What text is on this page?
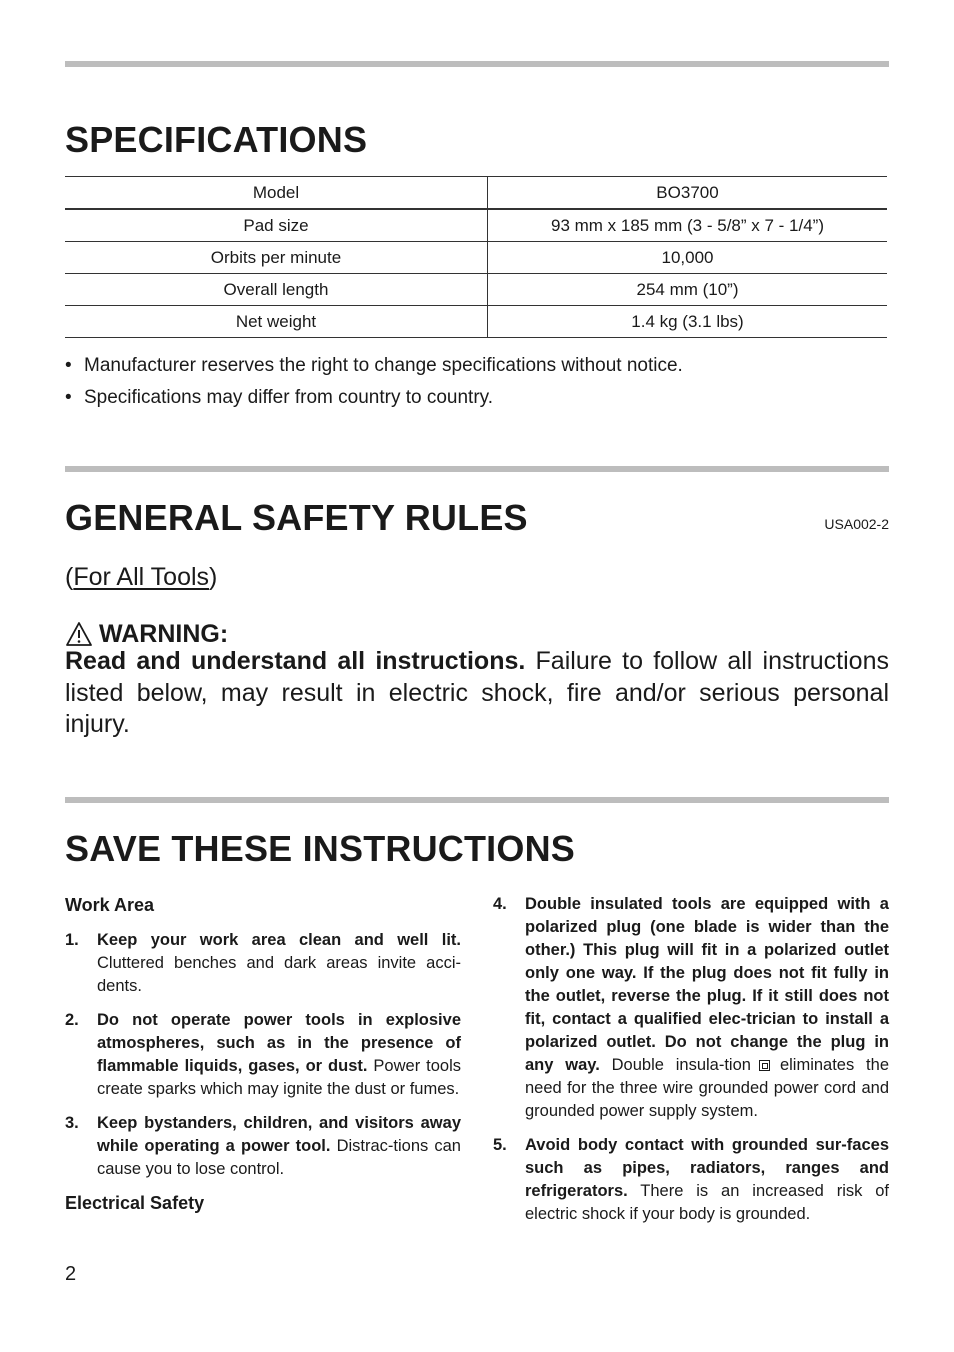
SPECIFICATIONS
Model	BO3700
Pad size	93 mm x 185 mm (3 - 5/8” x 7 - 1/4”)
Orbits per minute	10,000
Overall length	254 mm (10”)
Net weight	1.4 kg (3.1 lbs)
• Manufacturer reserves the right to change specifications without notice.
• Specifications may differ from country to country.
GENERAL SAFETY RULES	USA002-2
(For All Tools)
WARNING:

Read and understand all instructions. Failure to follow all instructions listed below, may result in electric shock, fire and/or serious personal injury.

SAVE THESE INSTRUCTIONS

Work Area

1. Keep your work area clean and well lit. Cluttered benches and dark areas invite acci-dents.

2. Do not operate power tools in explosive atmospheres, such as in the presence of flammable liquids, gases, or dust. Power tools create sparks which may ignite the dust or fumes.

3. Keep bystanders, children, and visitors away while operating a power tool. Distrac-tions can cause you to lose control.

Electrical Safety

4. Double insulated tools are equipped with a polarized plug (one blade is wider than the other.) This plug will fit in a polarized outlet only one way. If the plug does not fit fully in the outlet, reverse the plug. If it still does not fit, contact a qualified elec-trician to install a polarized outlet. Do not change the plug in any way. Double insula-tion eliminates the need for the three wire grounded power cord and grounded power supply system.

5. Avoid body contact with grounded sur-faces such as pipes, radiators, ranges and refrigerators. There is an increased risk of electric shock if your body is grounded.

2
